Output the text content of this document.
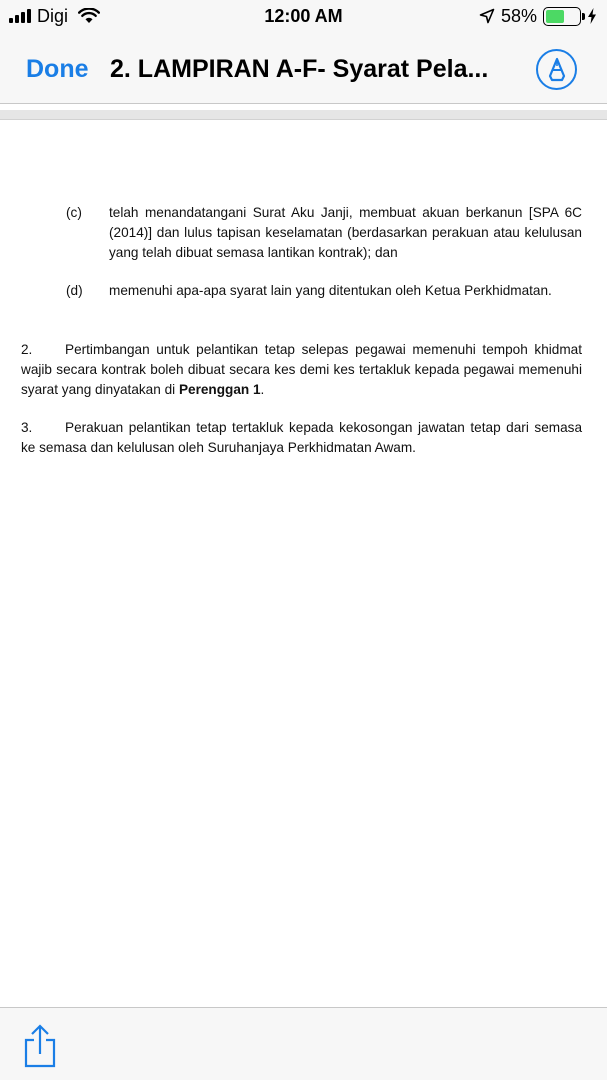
Digi	12:00 AM	58%
Done 2. LAMPIRAN A-F- Syarat Pela...
(c)	telah menandatangani Surat Aku Janji, membuat akuan berkanun [SPA 6C (2014)] dan lulus tapisan keselamatan (berdasarkan perakuan atau kelulusan yang telah dibuat semasa lantikan kontrak); dan
(d)	memenuhi apa-apa syarat lain yang ditentukan oleh Ketua Perkhidmatan.
2. Pertimbangan untuk pelantikan tetap selepas pegawai memenuhi tempoh khidmat wajib secara kontrak boleh dibuat secara kes demi kes tertakluk kepada pegawai memenuhi syarat yang dinyatakan di Perenggan 1.
3. Perakuan pelantikan tetap tertakluk kepada kekosongan jawatan tetap dari semasa ke semasa dan kelulusan oleh Suruhanjaya Perkhidmatan Awam.
